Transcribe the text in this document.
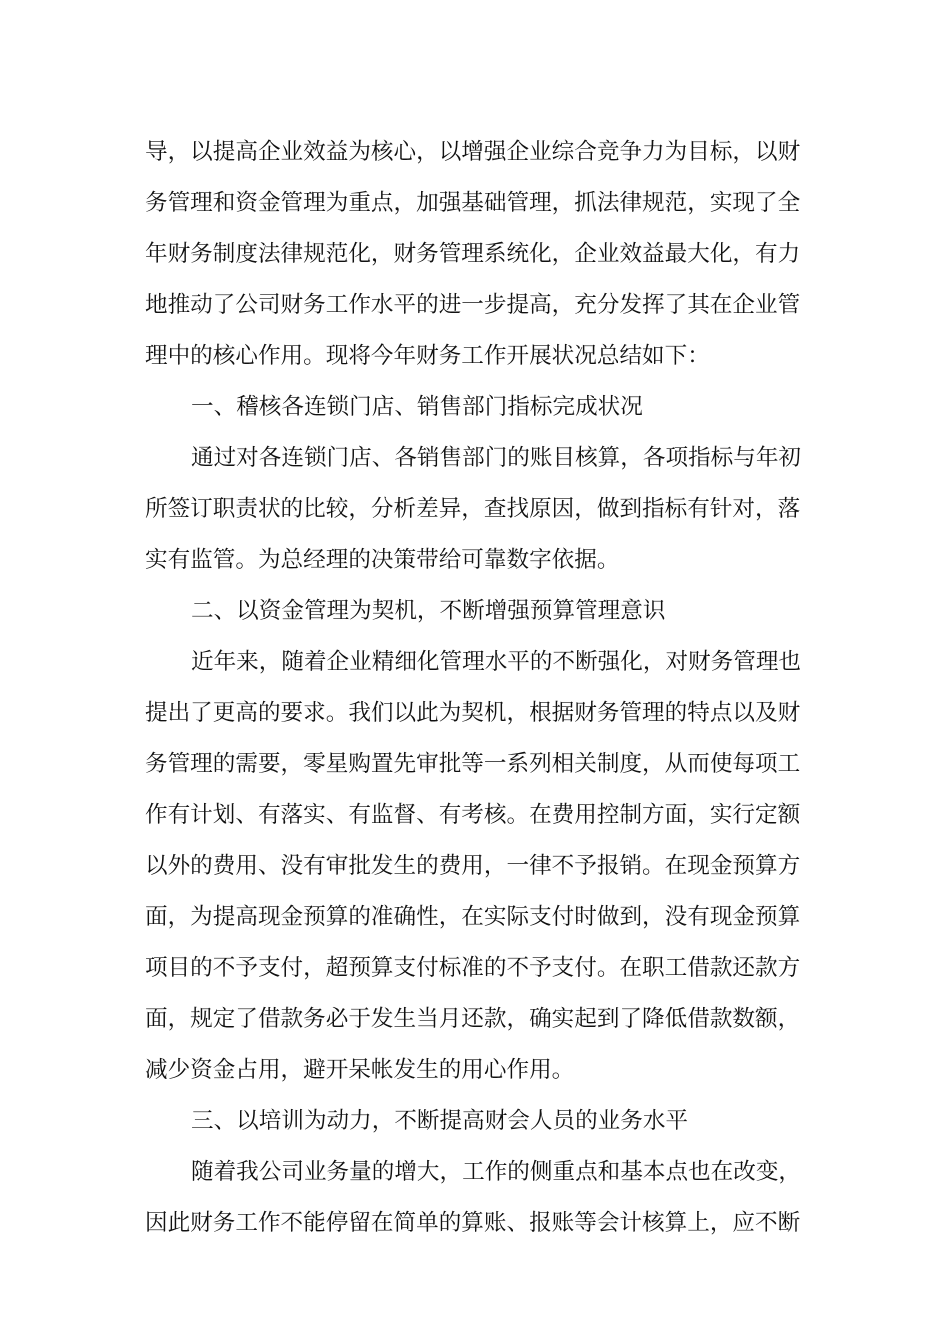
导，以提高企业效益为核心，以增强企业综合竞争力为目标，以财
务管理和资金管理为重点，加强基础管理，抓法律规范，实现了全
年财务制度法律规范化，财务管理系统化，企业效益最大化，有力
地推动了公司财务工作水平的进一步提高，充分发挥了其在企业管
理中的核心作用。现将今年财务工作开展状况总结如下：
一、稽核各连锁门店、销售部门指标完成状况
通过对各连锁门店、各销售部门的账目核算，各项指标与年初
所签订职责状的比较，分析差异，查找原因，做到指标有针对，落
实有监管。为总经理的决策带给可靠数字依据。
二、以资金管理为契机，不断增强预算管理意识
近年来，随着企业精细化管理水平的不断强化，对财务管理也
提出了更高的要求。我们以此为契机，根据财务管理的特点以及财
务管理的需要，零星购置先审批等一系列相关制度，从而使每项工
作有计划、有落实、有监督、有考核。在费用控制方面，实行定额
以外的费用、没有审批发生的费用，一律不予报销。在现金预算方
面，为提高现金预算的准确性，在实际支付时做到，没有现金预算
项目的不予支付，超预算支付标准的不予支付。在职工借款还款方
面，规定了借款务必于发生当月还款，确实起到了降低借款数额，
减少资金占用，避开呆帐发生的用心作用。
三、以培训为动力，不断提高财会人员的业务水平
随着我公司业务量的增大，工作的侧重点和基本点也在改变，
因此财务工作不能停留在简单的算账、报账等会计核算上，应不断
